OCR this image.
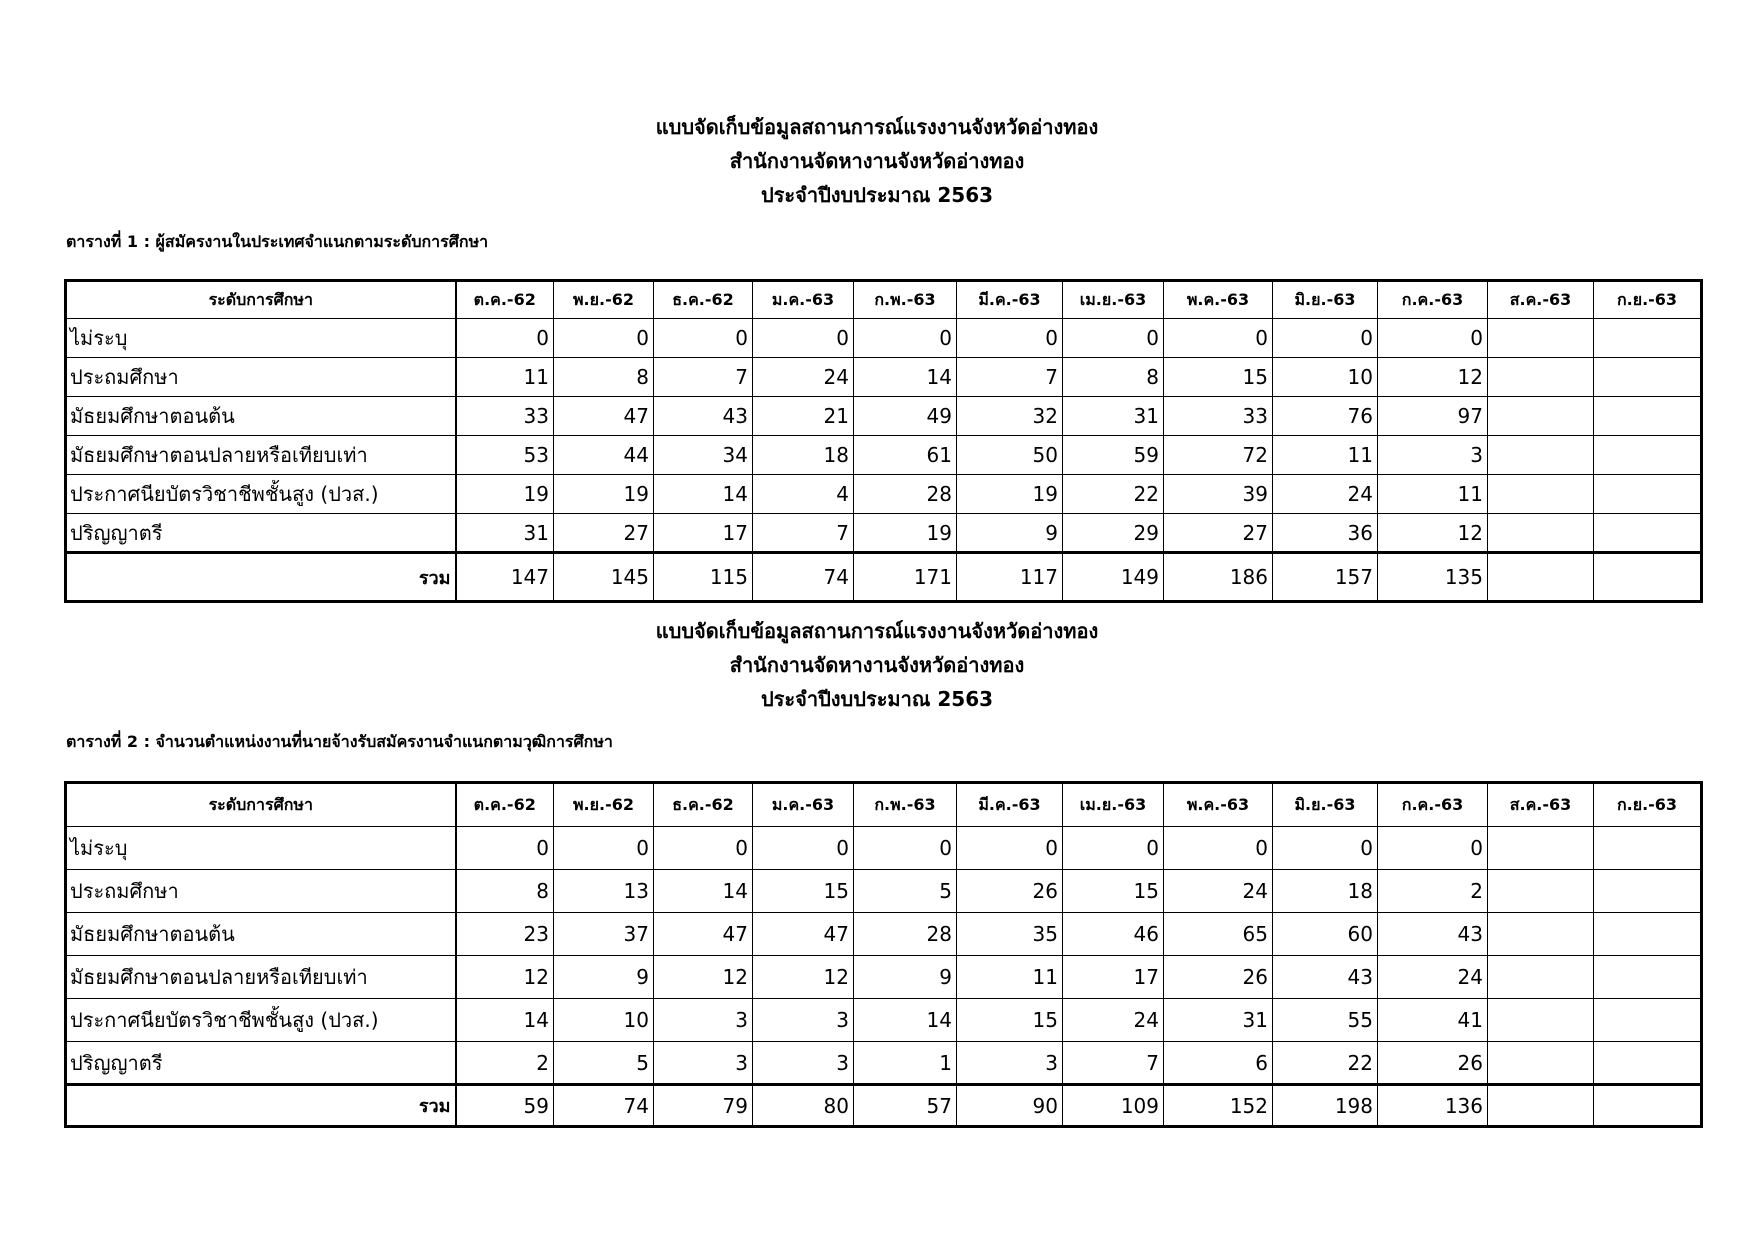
แบบจัดเก็บข้อมูลสถานการณ์แรงงานจังหวัดอ่างทอง
สำนักงานจัดหางานจังหวัดอ่างทอง
ประจำปีงบประมาณ 2563
ตารางที่ 1 : ผู้สมัครงานในประเทศจำแนกตามระดับการศึกษา
ระดับการศึกษา	ต.ค.-62	พ.ย.-62	ธ.ค.-62	ม.ค.-63	ก.พ.-63	มี.ค.-63	เม.ย.-63	พ.ค.-63	มิ.ย.-63	ก.ค.-63	ส.ค.-63	ก.ย.-63
ไม่ระบุ	0	0	0	0	0	0	0	0	0	0		
ประถมศึกษา	11	8	7	24	14	7	8	15	10	12		
มัธยมศึกษาตอนต้น	33	47	43	21	49	32	31	33	76	97		
มัธยมศึกษาตอนปลายหรือเทียบเท่า	53	44	34	18	61	50	59	72	11	3		
ประกาศนียบัตรวิชาชีพชั้นสูง (ปวส.)	19	19	14	4	28	19	22	39	24	11		
ปริญญาตรี	31	27	17	7	19	9	29	27	36	12		
รวม	147	145	115	74	171	117	149	186	157	135		
แบบจัดเก็บข้อมูลสถานการณ์แรงงานจังหวัดอ่างทอง
สำนักงานจัดหางานจังหวัดอ่างทอง
ประจำปีงบประมาณ 2563
ตารางที่ 2 : จำนวนตำแหน่งงานที่นายจ้างรับสมัครงานจำแนกตามวุฒิการศึกษา
ระดับการศึกษา	ต.ค.-62	พ.ย.-62	ธ.ค.-62	ม.ค.-63	ก.พ.-63	มี.ค.-63	เม.ย.-63	พ.ค.-63	มิ.ย.-63	ก.ค.-63	ส.ค.-63	ก.ย.-63
ไม่ระบุ	0	0	0	0	0	0	0	0	0	0		
ประถมศึกษา	8	13	14	15	5	26	15	24	18	2		
มัธยมศึกษาตอนต้น	23	37	47	47	28	35	46	65	60	43		
มัธยมศึกษาตอนปลายหรือเทียบเท่า	12	9	12	12	9	11	17	26	43	24		
ประกาศนียบัตรวิชาชีพชั้นสูง (ปวส.)	14	10	3	3	14	15	24	31	55	41		
ปริญญาตรี	2	5	3	3	1	3	7	6	22	26		
รวม	59	74	79	80	57	90	109	152	198	136		
